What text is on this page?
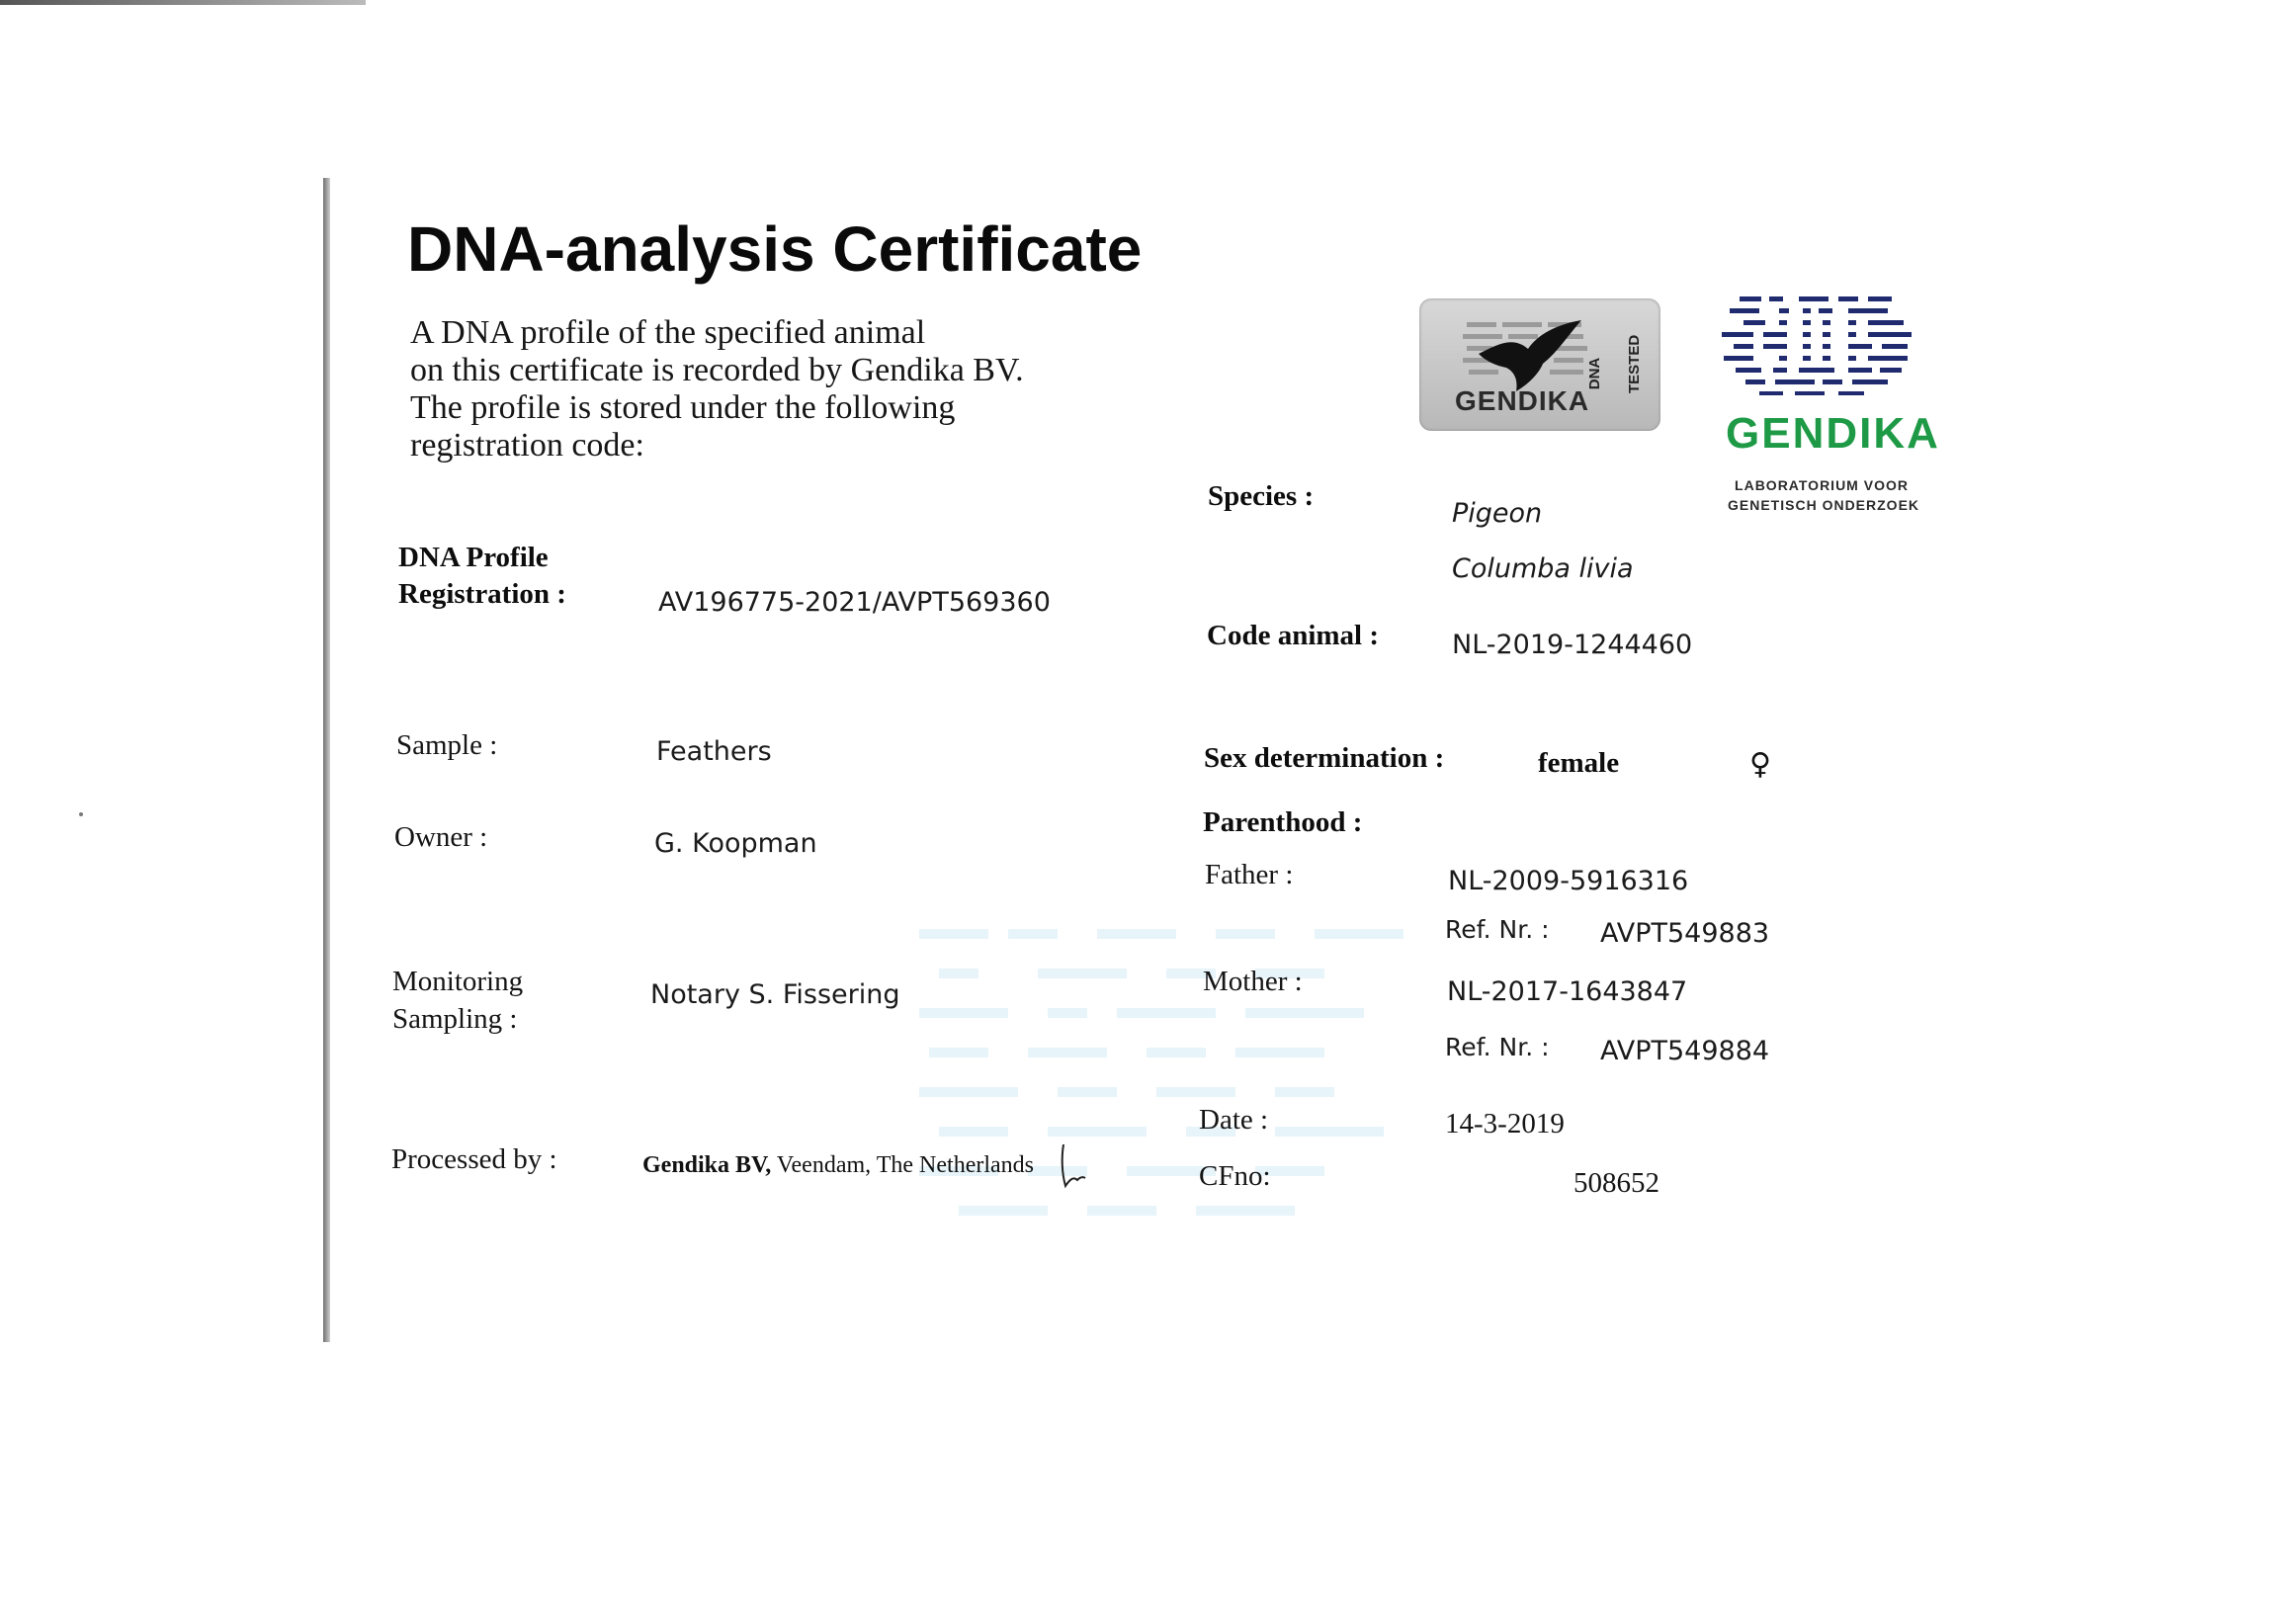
DNA-analysis Certificate
A DNA profile of the specified animal
on this certificate is recorded by Gendika BV.
The profile is stored under the following
registration code:
GENDIKA
DNA TESTED
GENDIKA
LABORATORIUM VOOR
GENETISCH ONDERZOEK
DNA Profile
Registration :	AV196775-2021/AVPT569360
Sample :	Feathers
Owner :	G. Koopman
Monitoring
Sampling :
Notary S. Fissering
Processed by :	Gendika BV, Veendam, The Netherlands
Species :
Pigeon
Columba livia
Code animal :	NL-2019-1244460
Sex determination :	female	♀
Parenthood :
Father :	NL-2009-5916316
Ref. Nr. : AVPT549883
Mother :	NL-2017-1643847
Ref. Nr. : AVPT549884
Date :	14-3-2019
CFno:	508652
